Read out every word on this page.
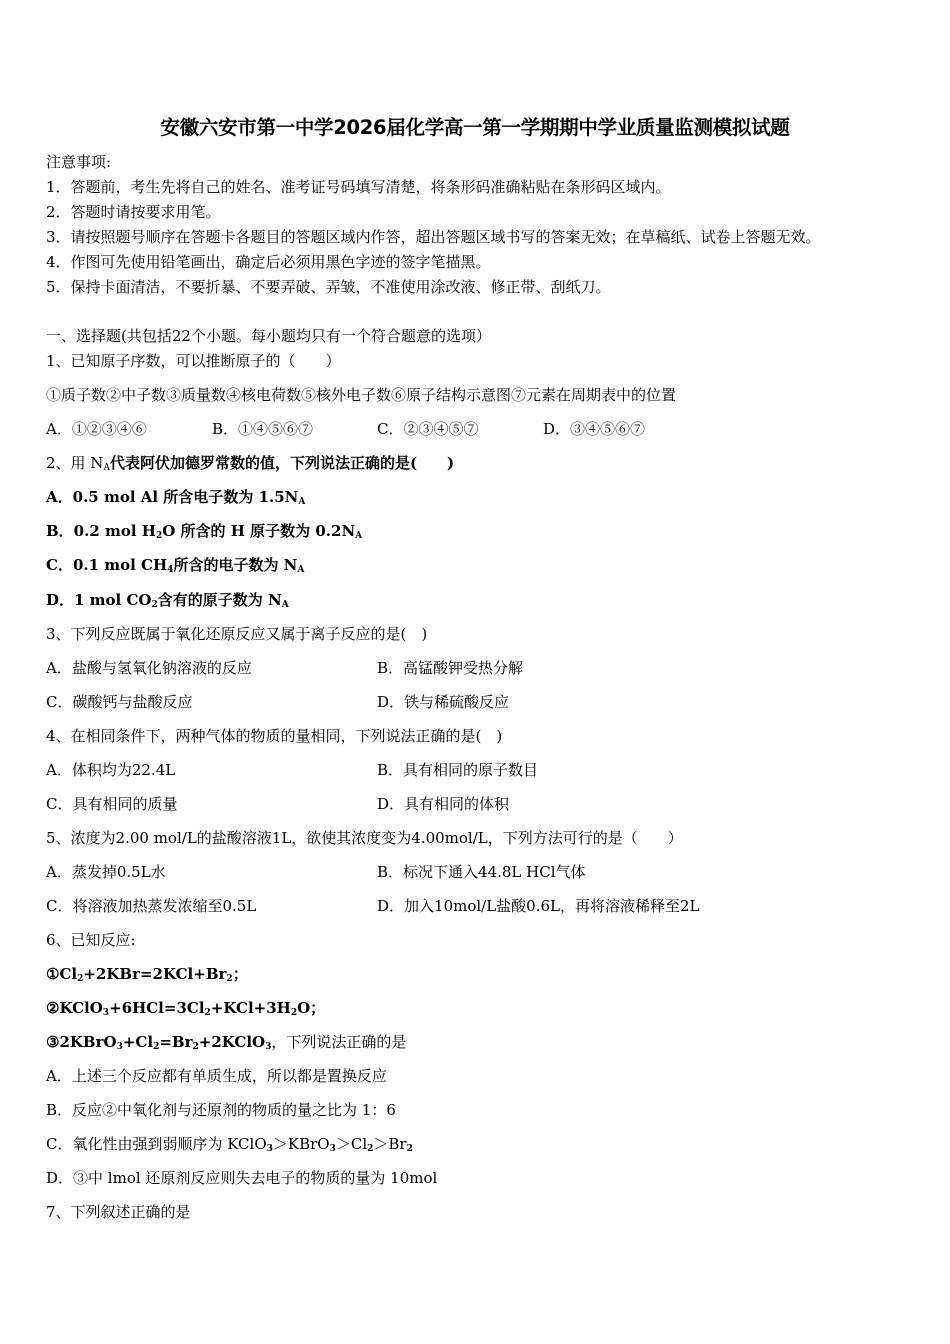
安徽六安市第一中学2026届化学高一第一学期期中学业质量监测模拟试题
注意事项:
1．答题前，考生先将自己的姓名、准考证号码填写清楚，将条形码准确粘贴在条形码区域内。
2．答题时请按要求用笔。
3．请按照题号顺序在答题卡各题目的答题区域内作答，超出答题区域书写的答案无效；在草稿纸、试卷上答题无效。
4．作图可先使用铅笔画出，确定后必须用黑色字迹的签字笔描黑。
5．保持卡面清洁，不要折暴、不要弄破、弄皱，不准使用涂改液、修正带、刮纸刀。
一、选择题(共包括22个小题。每小题均只有一个符合题意的选项）
1、已知原子序数，可以推断原子的（　　）
①质子数②中子数③质量数④核电荷数⑤核外电子数⑥原子结构示意图⑦元素在周期表中的位置
A．①②③④⑥	B．①④⑤⑥⑦	C．②③④⑤⑦	D．③④⑤⑥⑦
2、用 $N_A$代表阿伏加德罗常数的值，下列说法正确的是(　　)
A．0.5 mol Al 所含电子数为 $1.5N_A$
B．0.2 mol $H_2O$ 所含的 H 原子数为 $0.2N_A$
C．0.1 mol $CH_4$所含的电子数为 $N_A$
D．1 mol $CO_2$含有的原子数为 $N_A$
3、下列反应既属于氧化还原反应又属于离子反应的是(　)
A．盐酸与氢氧化钠溶液的反应	B．高锰酸钾受热分解
C．碳酸钙与盐酸反应	D．铁与稀硫酸反应
4、在相同条件下，两种气体的物质的量相同，下列说法正确的是(　)
A．体积均为22.4L	B．具有相同的原子数目
C．具有相同的质量	D．具有相同的体积
5、浓度为2.00 mol/L的盐酸溶液1L，欲使其浓度变为4.00mol/L，下列方法可行的是（　　）
A．蒸发掉0.5L水	B．标况下通入44.8L HCl气体
C．将溶液加热蒸发浓缩至0.5L	D．加入10mol/L盐酸0.6L，再将溶液稀释至2L
6、已知反应:
$①Cl_2+2KBr=2KCl+Br_2$；
$②KClO_3+6HCl=3Cl_2+KCl+3H_2O$；
$③2KBrO_3+Cl_2=Br_2+2KClO_3$，下列说法正确的是
A．上述三个反应都有单质生成，所以都是置换反应
B．反应②中氧化剂与还原剂的物质的量之比为 1：6
C．氧化性由强到弱顺序为 $KClO_3>KBrO_3>Cl_2>Br_2$
D．③中 lmol 还原剂反应则失去电子的物质的量为 10mol
7、下列叙述正确的是
